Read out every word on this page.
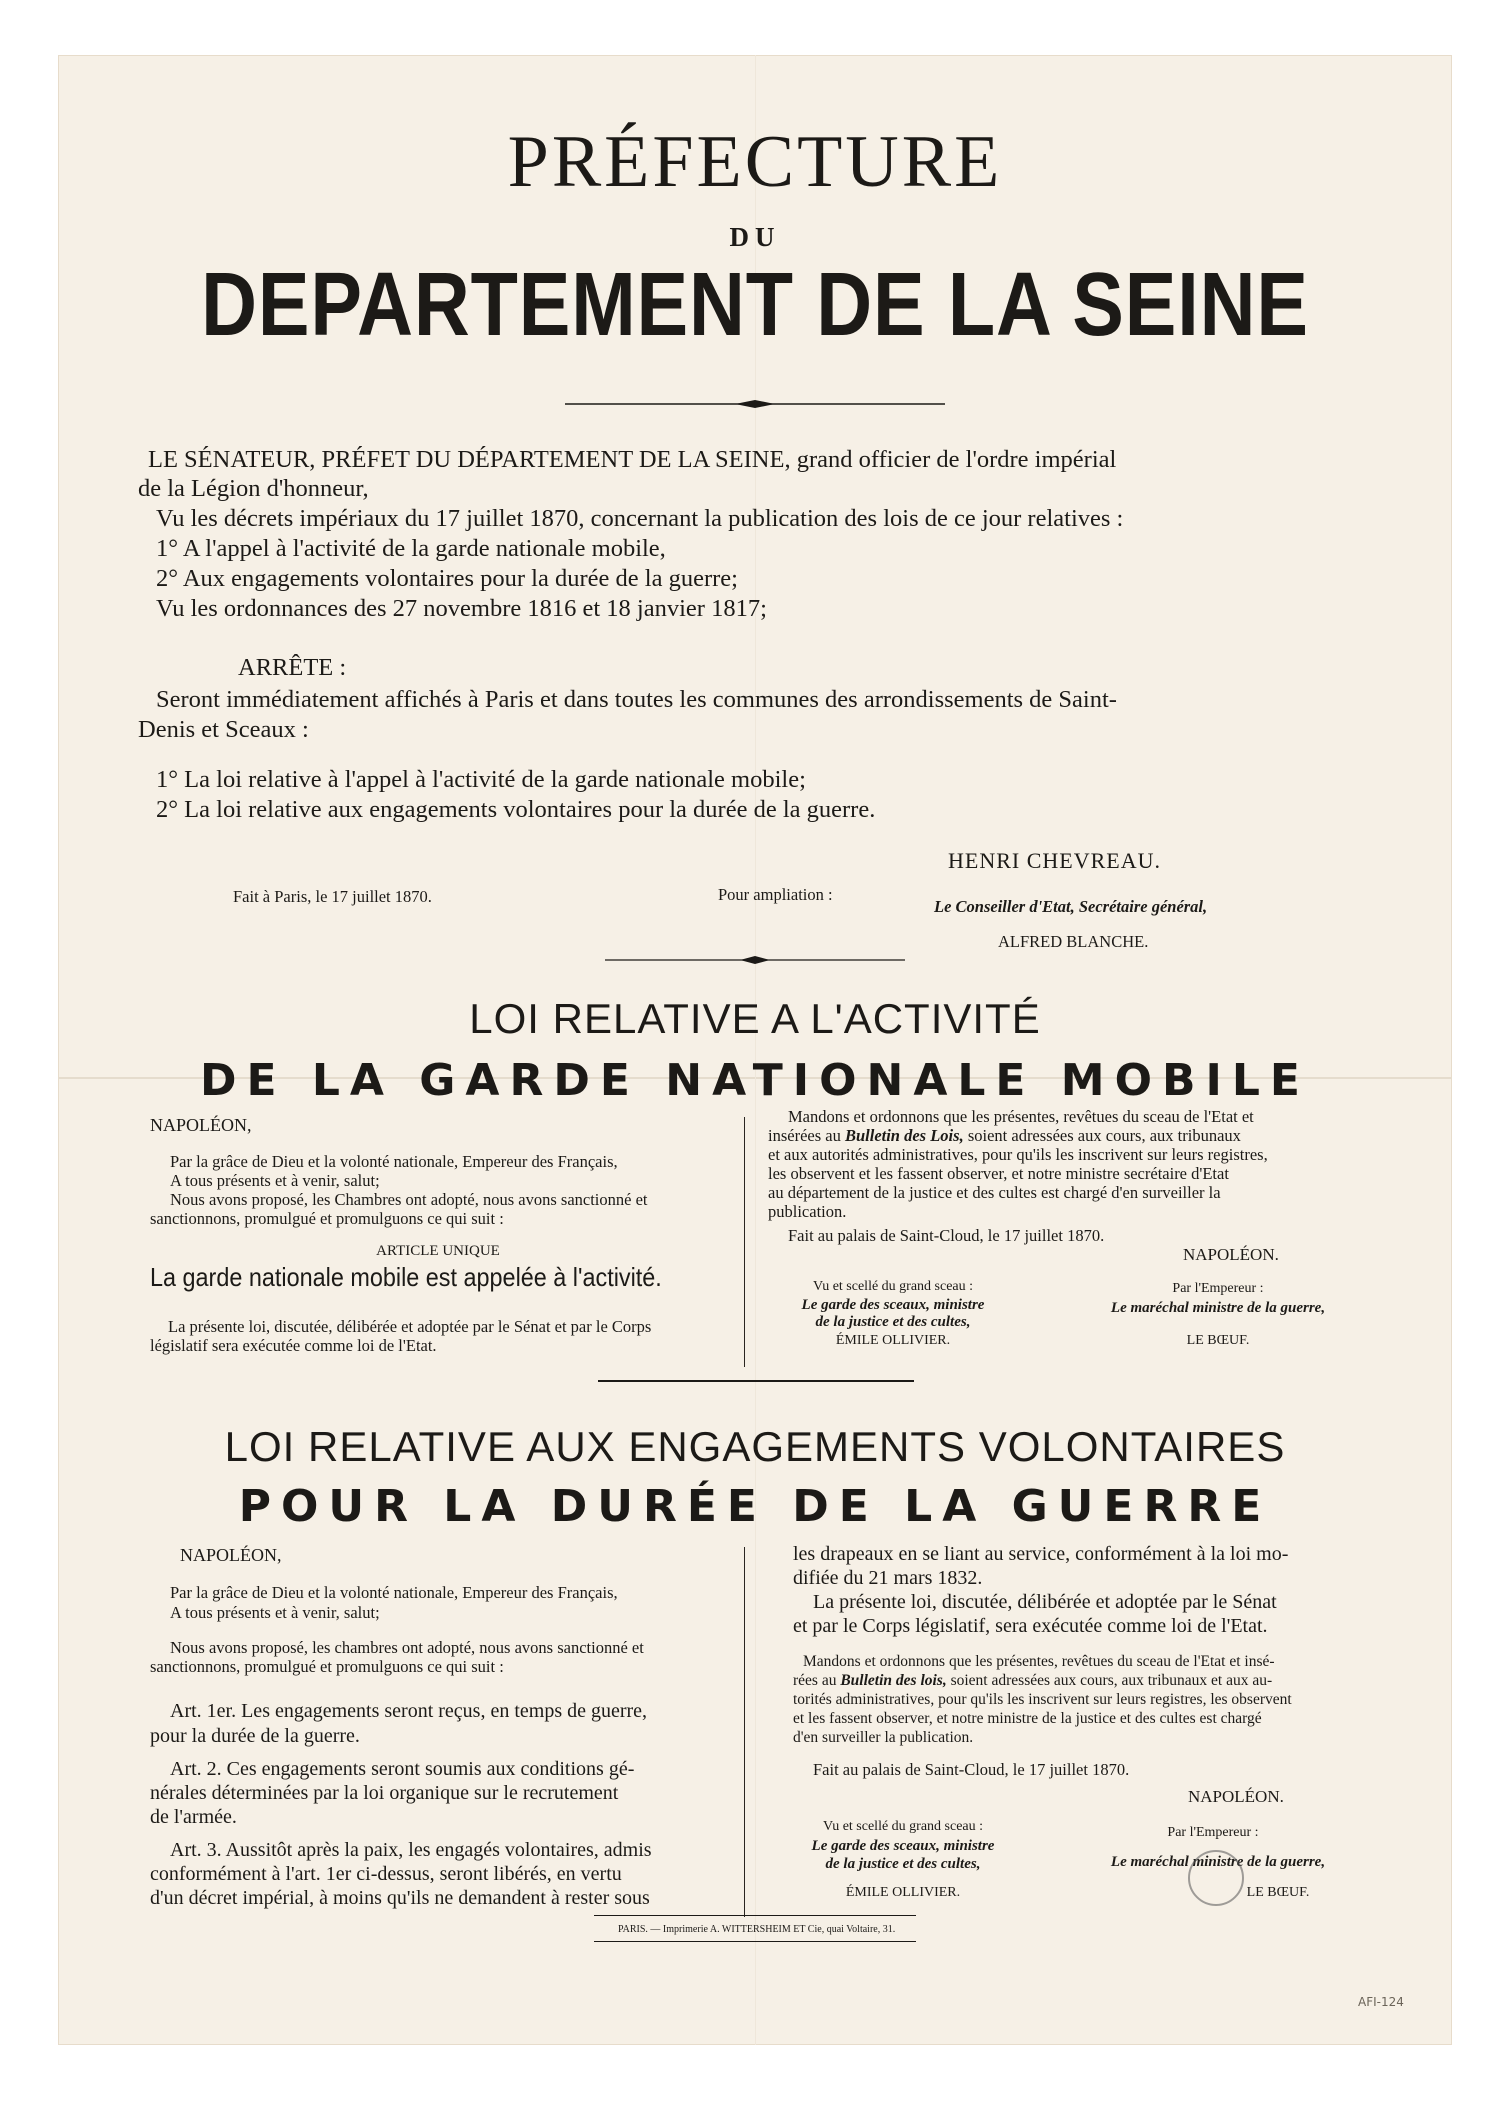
PRÉFECTURE
DU
DEPARTEMENT DE LA SEINE
LE SÉNATEUR, PRÉFET DU DÉPARTEMENT DE LA SEINE, grand officier de l'ordre impérial
de la Légion d'honneur,
Vu les décrets impériaux du 17 juillet 1870, concernant la publication des lois de ce jour relatives :
1° A l'appel à l'activité de la garde nationale mobile,
2° Aux engagements volontaires pour la durée de la guerre;
Vu les ordonnances des 27 novembre 1816 et 18 janvier 1817;
ARRÊTE :
Seront immédiatement affichés à Paris et dans toutes les communes des arrondissements de Saint-
Denis et Sceaux :
1° La loi relative à l'appel à l'activité de la garde nationale mobile;
2° La loi relative aux engagements volontaires pour la durée de la guerre.
HENRI CHEVREAU.
Fait à Paris, le 17 juillet 1870.	Pour ampliation :
Le Conseiller d'Etat, Secrétaire général,
ALFRED BLANCHE.
LOI RELATIVE A L'ACTIVITÉ
DE LA GARDE NATIONALE MOBILE
NAPOLÉON,
Par la grâce de Dieu et la volonté nationale, Empereur des Français,
A tous présents et à venir, salut;
Nous avons proposé, les Chambres ont adopté, nous avons sanctionné et
sanctionnons, promulgué et promulguons ce qui suit :
ARTICLE UNIQUE
La garde nationale mobile est appelée à l'activité.
La présente loi, discutée, délibérée et adoptée par le Sénat et par le Corps
législatif sera exécutée comme loi de l'Etat.
Mandons et ordonnons que les présentes, revêtues du sceau de l'Etat et
insérées au Bulletin des Lois, soient adressées aux cours, aux tribunaux
et aux autorités administratives, pour qu'ils les inscrivent sur leurs registres,
les observent et les fassent observer, et notre ministre secrétaire d'Etat
au département de la justice et des cultes est chargé d'en surveiller la
publication.
Fait au palais de Saint-Cloud, le 17 juillet 1870.
NAPOLÉON.
Vu et scellé du grand sceau :
Le garde des sceaux, ministre
de la justice et des cultes,
ÉMILE OLLIVIER.
Par l'Empereur :
Le maréchal ministre de la guerre,
LE BŒUF.
LOI RELATIVE AUX ENGAGEMENTS VOLONTAIRES
POUR LA DURÉE DE LA GUERRE
NAPOLÉON,
Par la grâce de Dieu et la volonté nationale, Empereur des Français,
A tous présents et à venir, salut;
Nous avons proposé, les chambres ont adopté, nous avons sanctionné et
sanctionnons, promulgué et promulguons ce qui suit :
Art. 1er. Les engagements seront reçus, en temps de guerre,
pour la durée de la guerre.
Art. 2. Ces engagements seront soumis aux conditions gé-
nérales déterminées par la loi organique sur le recrutement
de l'armée.
Art. 3. Aussitôt après la paix, les engagés volontaires, admis
conformément à l'art. 1er ci-dessus, seront libérés, en vertu
d'un décret impérial, à moins qu'ils ne demandent à rester sous
les drapeaux en se liant au service, conformément à la loi mo-
difiée du 21 mars 1832.
La présente loi, discutée, délibérée et adoptée par le Sénat
et par le Corps législatif, sera exécutée comme loi de l'Etat.
Mandons et ordonnons que les présentes, revêtues du sceau de l'Etat et insé-
rées au Bulletin des lois, soient adressées aux cours, aux tribunaux et aux au-
torités administratives, pour qu'ils les inscrivent sur leurs registres, les observent
et les fassent observer, et notre ministre de la justice et des cultes est chargé
d'en surveiller la publication.
Fait au palais de Saint-Cloud, le 17 juillet 1870.
NAPOLÉON.
Vu et scellé du grand sceau :
Le garde des sceaux, ministre
de la justice et des cultes,
ÉMILE OLLIVIER.
Par l'Empereur :
Le maréchal ministre de la guerre,
LE BŒUF.
PARIS. — Imprimerie A. WITTERSHEIM ET Cie, quai Voltaire, 31.
AFI-124
